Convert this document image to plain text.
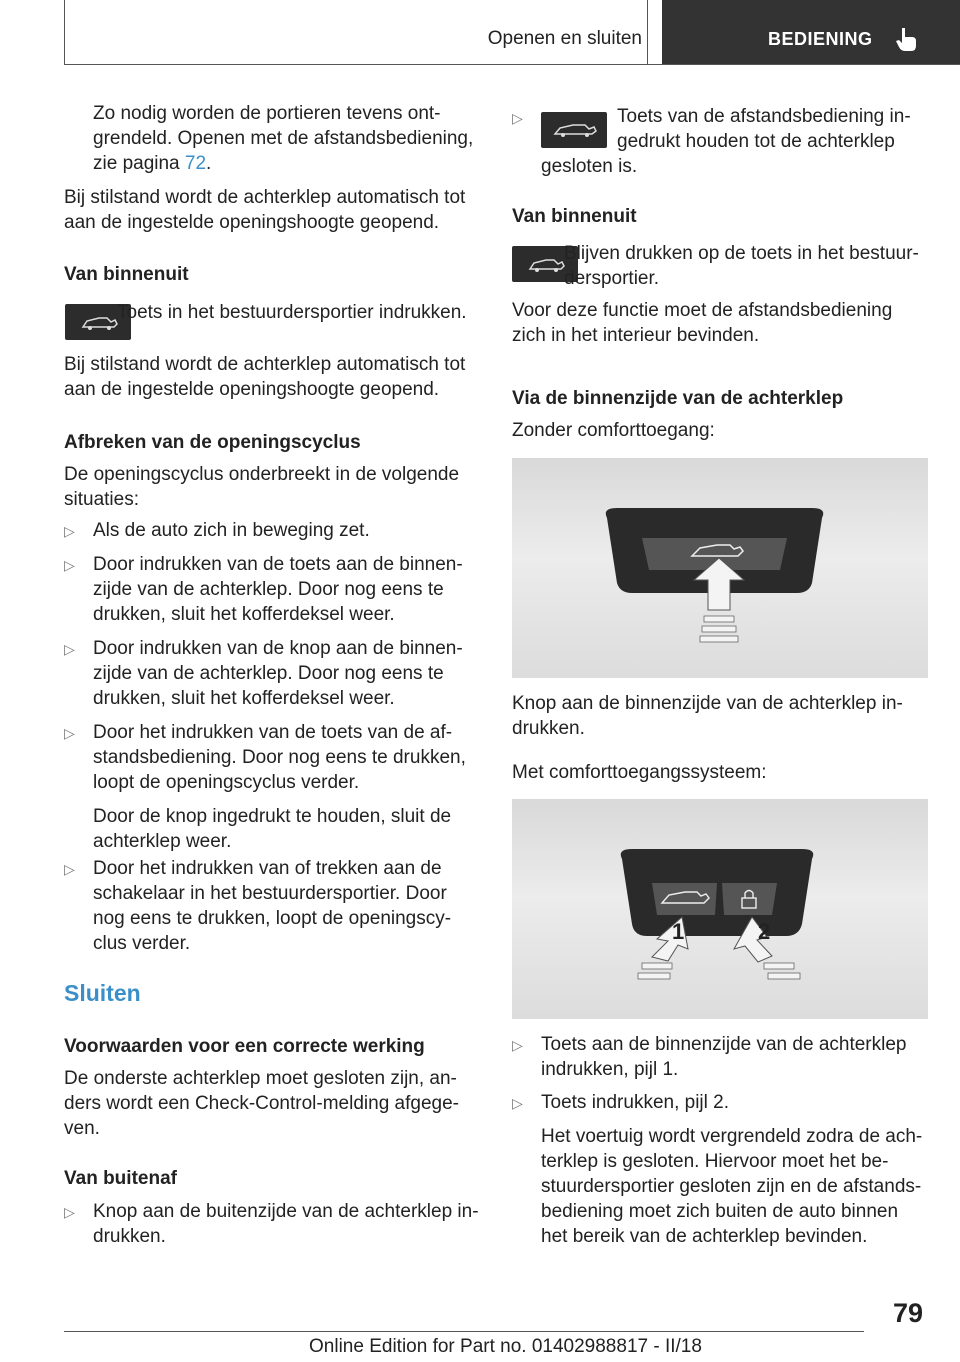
Openen en sluiten	BEDIENING

Zo nodig worden de portieren tevens ont-

grendeld. Openen met de afstandsbediening,

zie pagina 72.

Bij stilstand wordt de achterklep automatisch tot

aan de ingestelde openingshoogte geopend.

Van binnenuit
Toets in het bestuurdersportier indrukken.

Bij stilstand wordt de achterklep automatisch tot

aan de ingestelde openingshoogte geopend.

Afbreken van de openingscyclus

De openingscyclus onderbreekt in de volgende

situaties:

▷ Als de auto zich in beweging zet.
▷ Door indrukken van de toets aan de binnen-

zijde van de achterklep. Door nog eens te

drukken, sluit het kofferdeksel weer.

▷ Door indrukken van de knop aan de binnen-

zijde van de achterklep. Door nog eens te

drukken, sluit het kofferdeksel weer.

▷ Door het indrukken van de toets van de af-

standsbediening. Door nog eens te drukken,

loopt de openingscyclus verder.

Door de knop ingedrukt te houden, sluit de

achterklep weer.

▷ Door het indrukken van of trekken aan de

schakelaar in het bestuurdersportier. Door

nog eens te drukken, loopt de openingscy-

clus verder.

Sluiten
Voorwaarden voor een correcte werking

De onderste achterklep moet gesloten zijn, an-

ders wordt een Check-Control-melding afgege-

ven.

Van buitenaf
▷ Knop aan de buitenzijde van de achterklep in-

drukken.

▷	Toets van de afstandsbediening in-

gedrukt houden tot de achterklep

gesloten is.
Van binnenuit

Blijven drukken op de toets in het bestuur-

dersportier.

Voor deze functie moet de afstandsbediening

zich in het interieur bevinden.

Via de binnenzijde van de achterklep
Zonder comforttoegang:

Knop aan de binnenzijde van de achterklep in-

drukken.

Met comforttoegangssysteem:
1	2
▷ Toets aan de binnenzijde van de achterklep

indrukken, pijl 1.

▷ Toets indrukken, pijl 2.

Het voertuig wordt vergrendeld zodra de ach-

terklep is gesloten. Hiervoor moet het be-

stuurdersportier gesloten zijn en de afstands-

bediening moet zich buiten de auto binnen

het bereik van de achterklep bevinden.

79
Online Edition for Part no. 01402988817 - II/18
